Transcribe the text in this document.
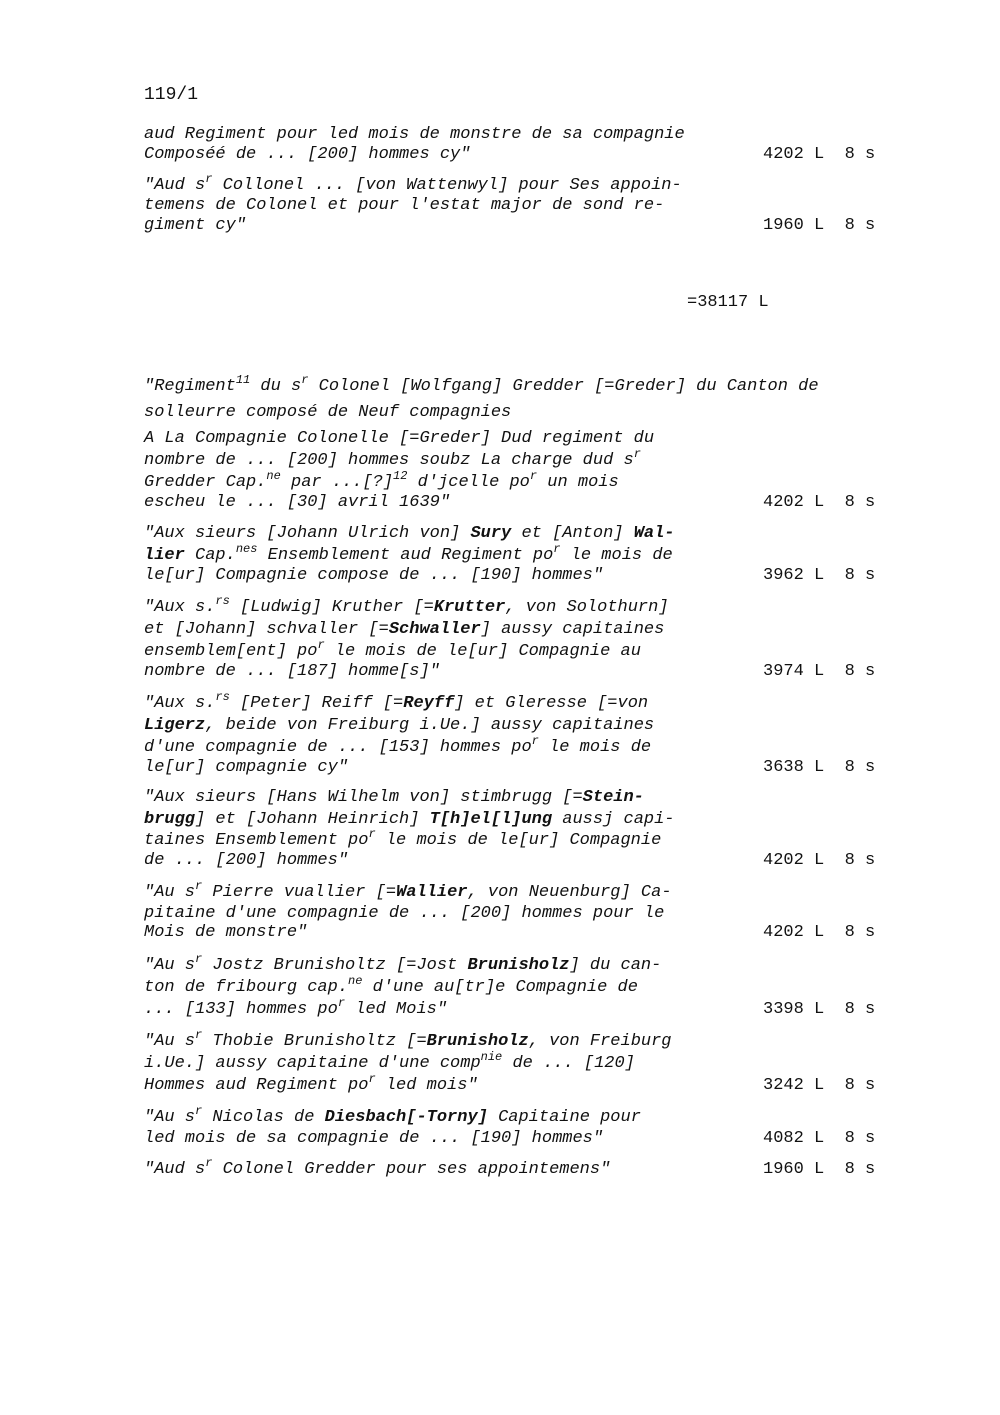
119/1
aud Regiment pour led mois de monstre de sa compagnie
Composéé de ... [200] hommes cy"	4202 L  8 s
"Aud $s^r$ Collonel ... [von Wattenwyl] pour Ses appoin-
temens de Colonel et pour l'estat major de sond re-
giment cy"	1960 L  8 s
=38117 L
"Regiment$^{11}$ du $s^r$ Colonel [Wolfgang] Gredder [=Greder] du Canton de
solleurre composé de Neuf compagnies
A La Compagnie Colonelle [=Greder] Dud regiment du
nombre de ... [200] hommes soubz La charge dud $s^r$
Gredder Cap.$^{ne}$ par ...[?]$^{12}$ d'jcelle $po^r$ un mois
escheu le ... [30] avril 1639"	4202 L  8 s
"Aux sieurs [Johann Ulrich von] Sury et [Anton] Wal-
lier Cap.$^{nes}$ Ensemblement aud Regiment $po^r$ le mois de
le[ur] Compagnie compose de ... [190] hommes"	3962 L  8 s
"Aux s.$^{rs}$ [Ludwig] Kruther [=Krutter, von Solothurn]
et [Johann] schvaller [=Schwaller] aussy capitaines
ensemblem[ent] $po^r$ le mois de le[ur] Compagnie au
nombre de ... [187] homme[s]"	3974 L  8 s
"Aux s.$^{rs}$ [Peter] Reiff [=Reyff] et Gleresse [=von
Ligerz, beide von Freiburg i.Ue.] aussy capitaines
d'une compagnie de ... [153] hommes $po^r$ le mois de
le[ur] compagnie cy"	3638 L  8 s
"Aux sieurs [Hans Wilhelm von] stimbrugg [=Stein-
brugg] et [Johann Heinrich] T[h]el[l]ung aussj capi-
taines Ensemblement $po^r$ le mois de le[ur] Compagnie
de ... [200] hommes"	4202 L  8 s
"Au $s^r$ Pierre vuallier [=Wallier, von Neuenburg] Ca-
pitaine d'une compagnie de ... [200] hommes pour le
Mois de monstre"	4202 L  8 s
"Au $s^r$ Jostz Brunisholtz [=Jost Brunisholz] du can-
ton de fribourg cap.$^{ne}$ d'une au[tr]e Compagnie de
... [133] hommes $po^r$ led Mois"	3398 L  8 s
"Au $s^r$ Thobie Brunisholtz [=Brunisholz, von Freiburg
i.Ue.] aussy capitaine d'une comp$^{nie}$ de ... [120]
Hommes aud Regiment $po^r$ led mois"	3242 L  8 s
"Au $s^r$ Nicolas de Diesbach[-Torny] Capitaine pour
led mois de sa compagnie de ... [190] hommes"	4082 L  8 s
"Aud $s^r$ Colonel Gredder pour ses appointemens"	1960 L  8 s
